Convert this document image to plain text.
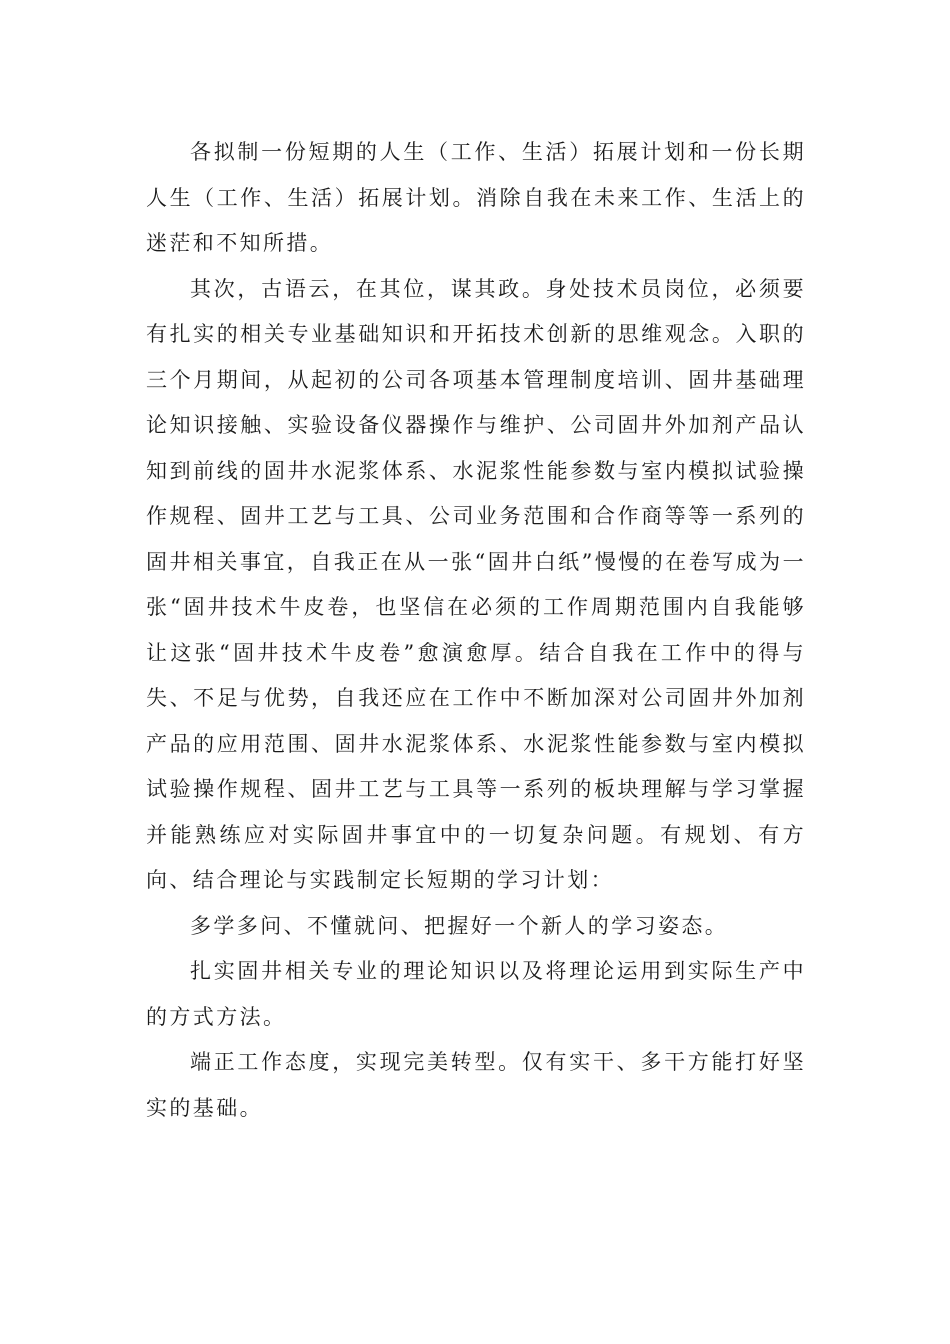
各拟制一份短期的人生（工作、生活）拓展计划和一份长期人生（工作、生活）拓展计划。消除自我在未来工作、生活上的迷茫和不知所措。

其次，古语云，在其位，谋其政。身处技术员岗位，必须要有扎实的相关专业基础知识和开拓技术创新的思维观念。入职的三个月期间，从起初的公司各项基本管理制度培训、固井基础理论知识接触、实验设备仪器操作与维护、公司固井外加剂产品认知到前线的固井水泥浆体系、水泥浆性能参数与室内模拟试验操作规程、固井工艺与工具、公司业务范围和合作商等等一系列的固井相关事宜，自我正在从一张“固井白纸”慢慢的在卷写成为一张“固井技术牛皮卷，也坚信在必须的工作周期范围内自我能够让这张“固井技术牛皮卷”愈演愈厚。结合自我在工作中的得与失、不足与优势，自我还应在工作中不断加深对公司固井外加剂产品的应用范围、固井水泥浆体系、水泥浆性能参数与室内模拟试验操作规程、固井工艺与工具等一系列的板块理解与学习掌握并能熟练应对实际固井事宜中的一切复杂问题。有规划、有方向、结合理论与实践制定长短期的学习计划：

多学多问、不懂就问、把握好一个新人的学习姿态。

扎实固井相关专业的理论知识以及将理论运用到实际生产中的方式方法。

端正工作态度，实现完美转型。仅有实干、多干方能打好坚实的基础。
